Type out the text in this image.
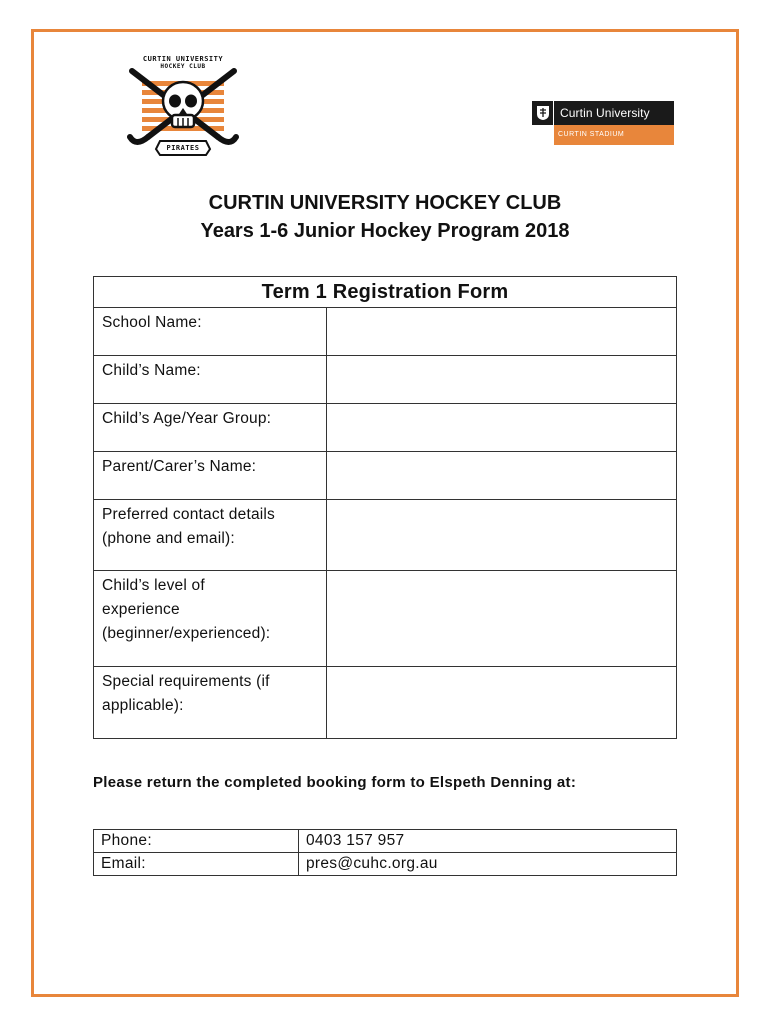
CURTIN UNIVERSITY
HOCKEY CLUB
PIRATES
Curtin University
CURTIN STADIUM
CURTIN UNIVERSITY HOCKEY CLUB
Years 1-6 Junior Hockey Program 2018
Term 1 Registration Form	
School Name:	
Child’s Name:	
Child’s Age/Year Group:	
Parent/Carer’s Name:	

Preferred contact details
(phone and email):	

Child’s level of
experience
(beginner/experienced):	

Special requirements (if
applicable):	

Please return the completed booking form to Elspeth Denning at:
Phone:	0403 157 957
Email:	pres@cuhc.org.au
